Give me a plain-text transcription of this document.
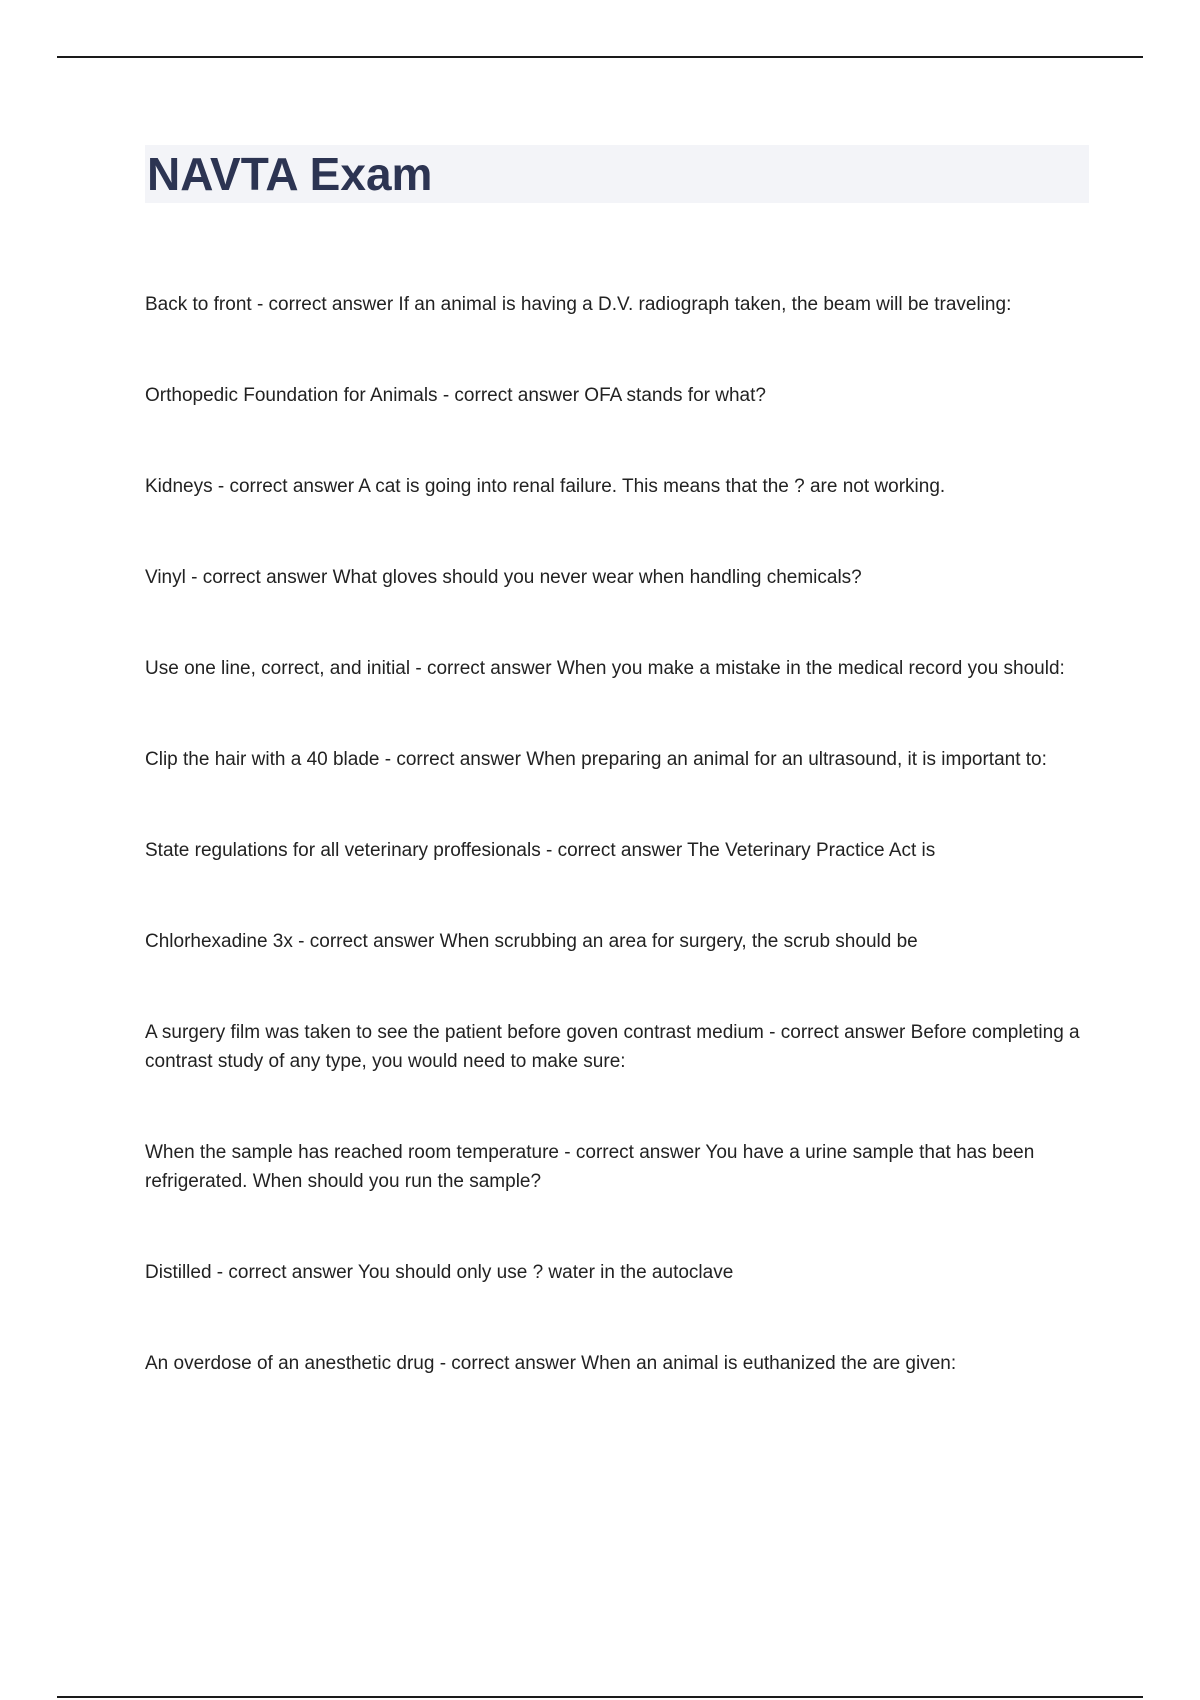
NAVTA Exam
Back to front - correct answer If an animal is having a D.V. radiograph taken, the beam will be traveling:
Orthopedic Foundation for Animals - correct answer OFA stands for what?
Kidneys - correct answer A cat is going into renal failure. This means that the ? are not working.
Vinyl - correct answer What gloves should you never wear when handling chemicals?
Use one line, correct, and initial - correct answer When you make a mistake in the medical record you should:
Clip the hair with a 40 blade - correct answer When preparing an animal for an ultrasound, it is important to:
State regulations for all veterinary proffesionals - correct answer The Veterinary Practice Act is
Chlorhexadine 3x - correct answer When scrubbing an area for surgery, the scrub should be
A surgery film was taken to see the patient before goven contrast medium - correct answer Before completing a contrast study of any type, you would need to make sure:
When the sample has reached room temperature - correct answer You have a urine sample that has been refrigerated. When should you run the sample?
Distilled - correct answer You should only use ? water in the autoclave
An overdose of an anesthetic drug - correct answer When an animal is euthanized the are given:
